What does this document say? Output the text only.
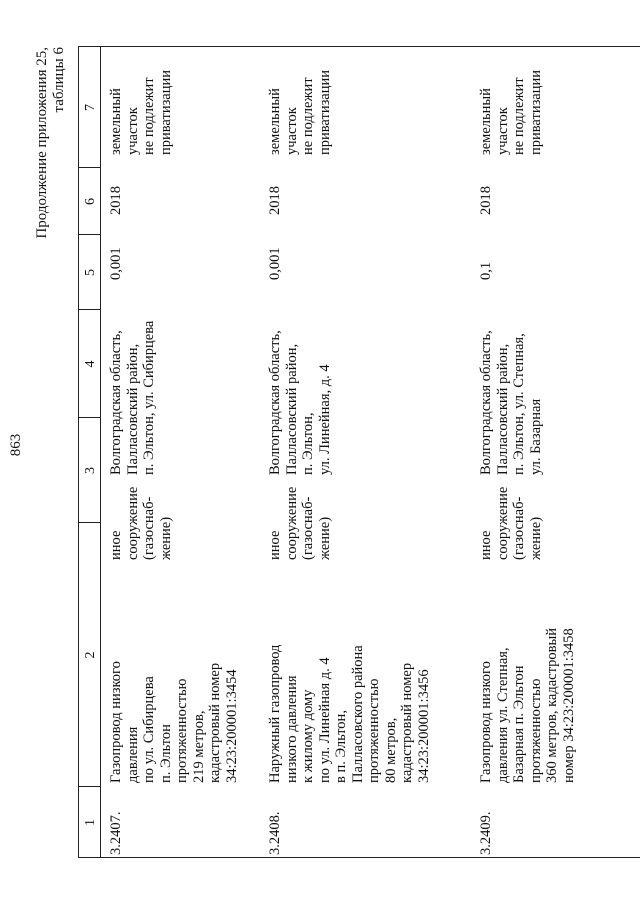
863
Продолжение приложения 25, таблицы 6
1
2
3
4
5
6
7
3.2407.
Газопровод низкого давления по ул. Сибирцева п. Эльтон протяженностью 219 метров, кадастровый номер 34:23:200001:3454
иное сооружение (газоснаб- жение)
Волгоградская область, Палласовский район, п. Эльтон, ул. Сибирцева
0,001
2018
земельный участок не подлежит приватизации
3.2408.
Наружный газопровод низкого давления к жилому дому по ул. Линейная д. 4 в п. Эльтон, Палласовского района протяженностью 80 метров, кадастровый номер 34:23:200001:3456
иное сооружение (газоснаб- жение)
Волгоградская область, Палласовский район, п. Эльтон, ул. Линейная, д. 4
0,001
2018
земельный участок не подлежит приватизации
3.2409.
Газопровод низкого давления ул. Степная, Базарная п. Эльтон протяженностью 360 метров, кадастровый номер 34:23:200001:3458
иное сооружение (газоснаб- жение)
Волгоградская область, Палласовский район, п. Эльтон, ул. Степная, ул. Базарная
0,1
2018
земельный участок не подлежит приватизации
